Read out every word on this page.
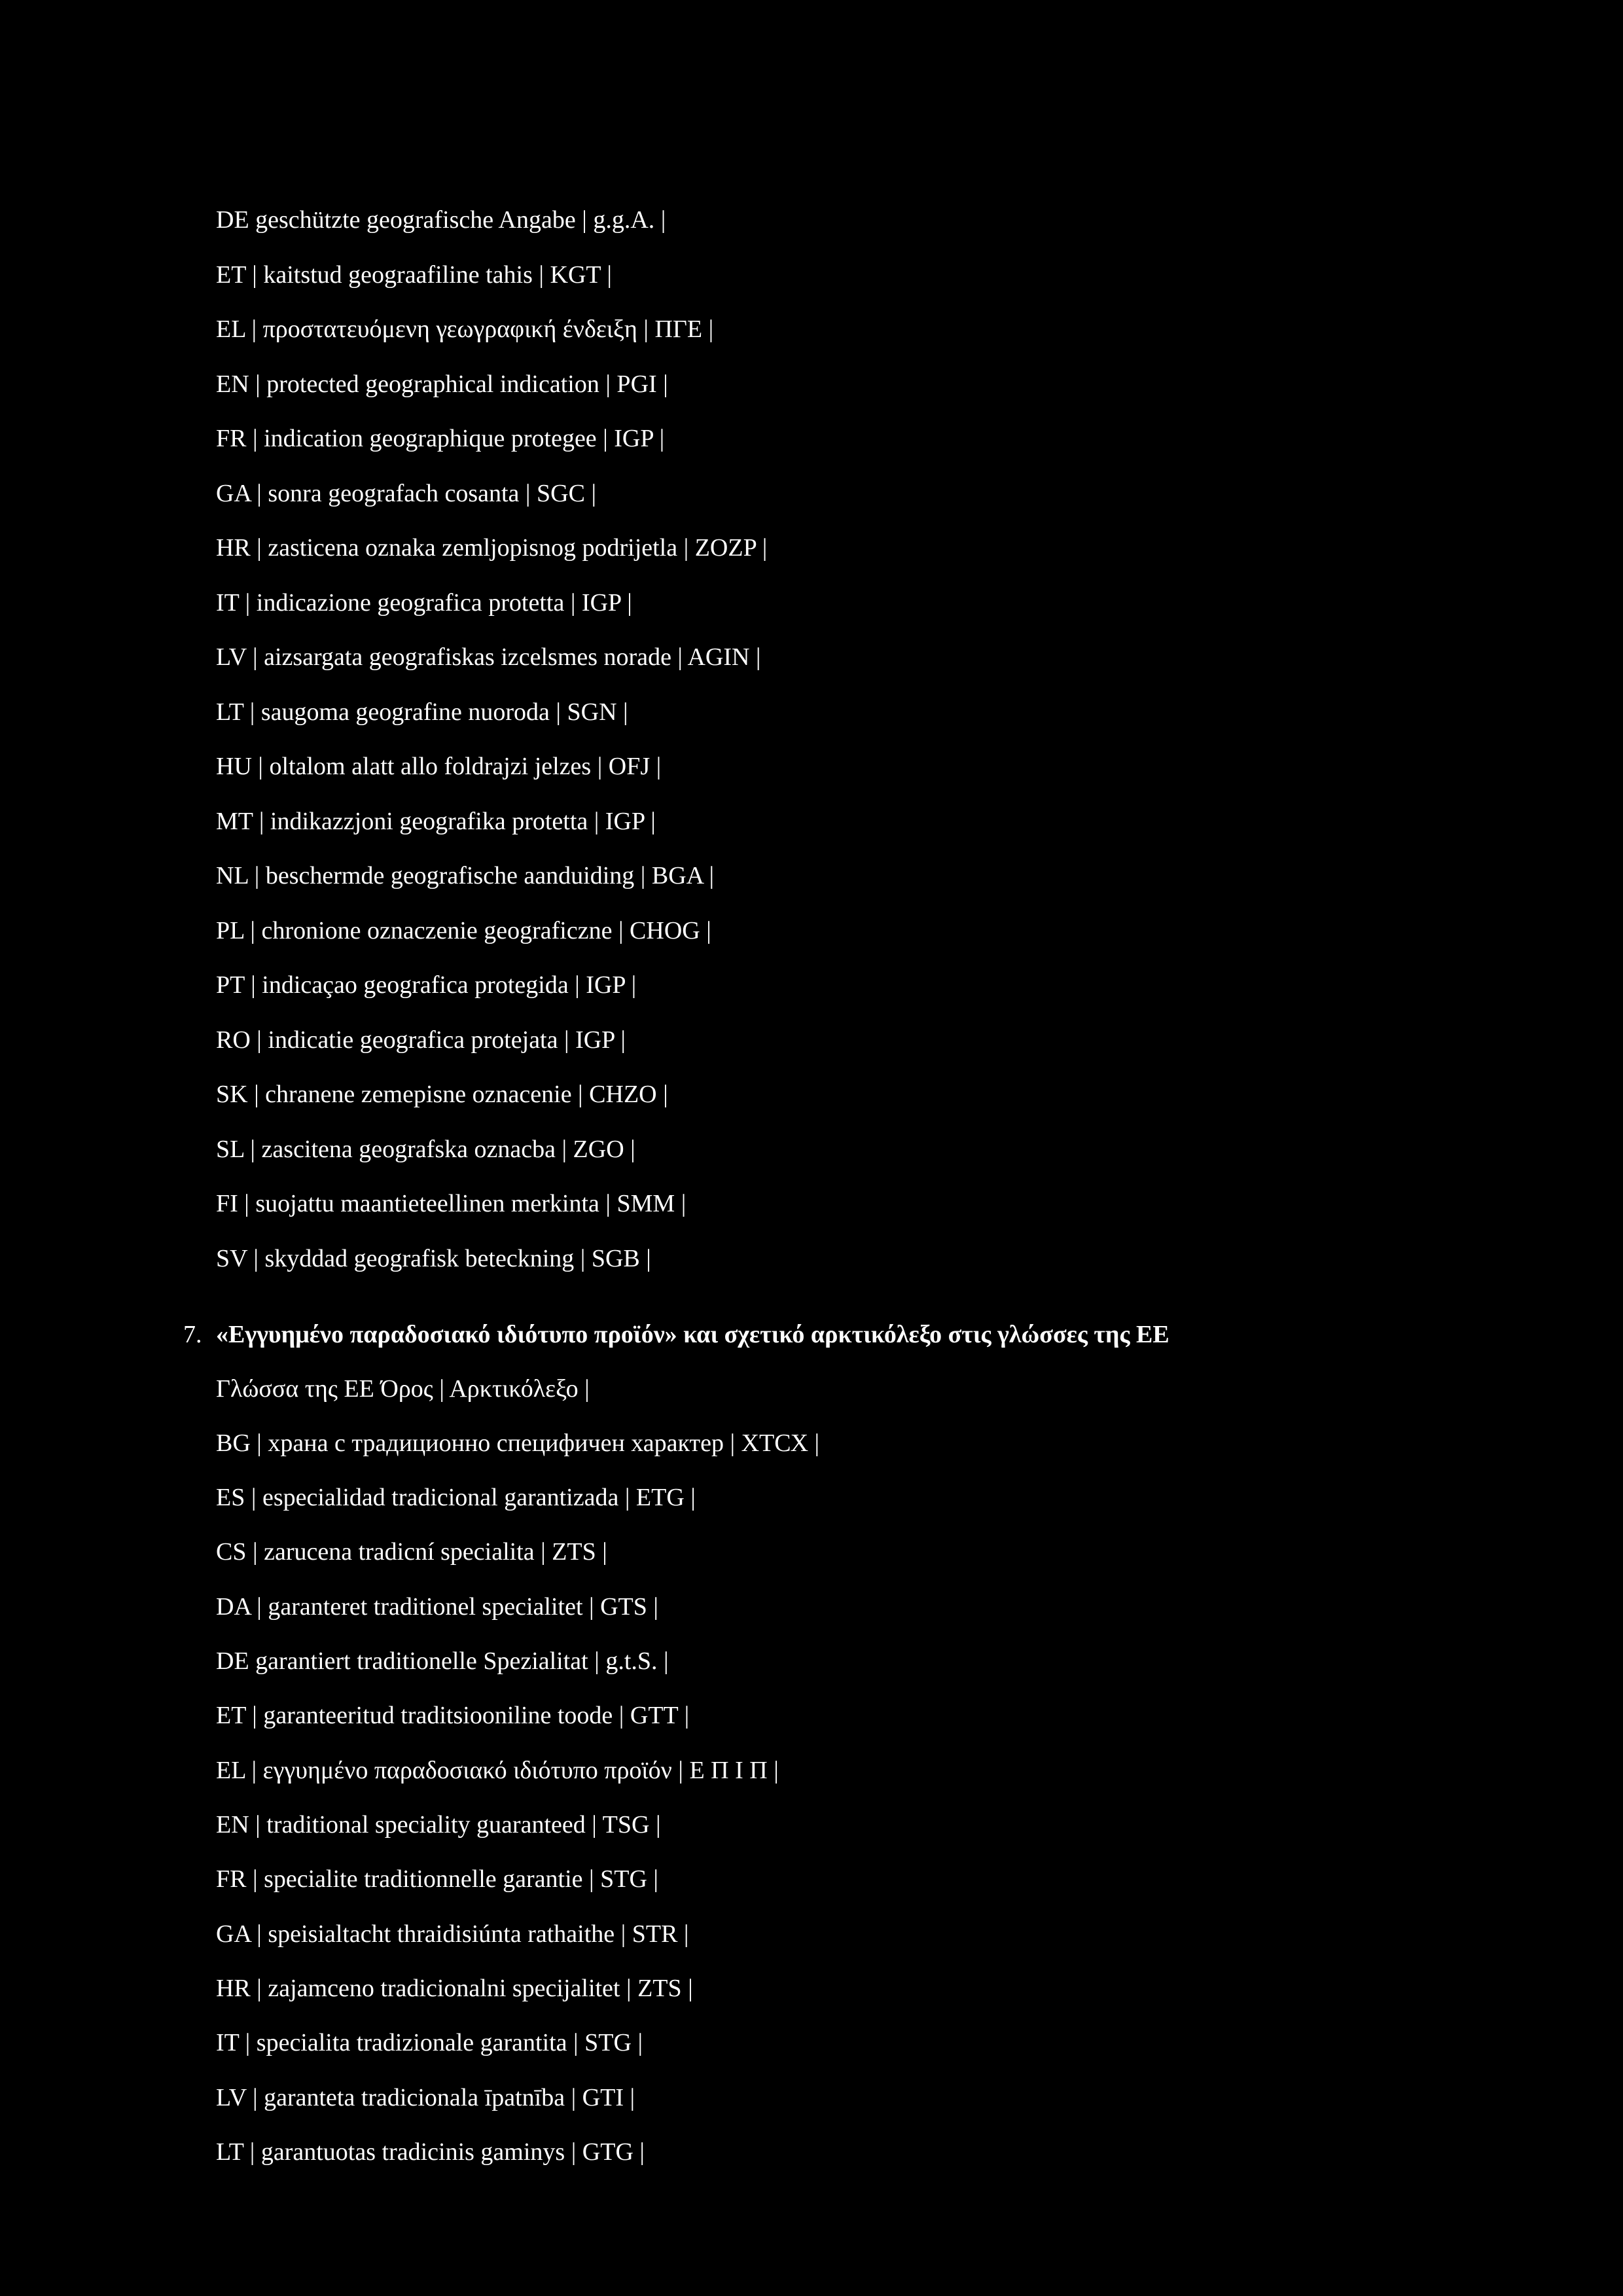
DE geschützte geografische Angabe | g.g.A. |
ET | kaitstud geograafiline tahis | KGT |
EL | προστατευόμενη γεωγραφική ένδειξη | ΠΓΕ |
EN | protected geographical indication | PGI |
FR | indication geographique protegee | IGP |
GA | sonra geografach cosanta | SGC |
HR | zasticena oznaka zemljopisnog podrijetla | ZOZP |
IT | indicazione geografica protetta | IGP |
LV | aizsargata geografiskas izcelsmes norade | AGIN |
LT | saugoma geografine nuoroda | SGN |
HU | oltalom alatt allo foldrajzi jelzes | OFJ |
MT | indikazzjoni geografika protetta | IGP |
NL | beschermde geografische aanduiding | BGA |
PL | chronione oznaczenie geograficzne | CHOG |
PT | indicaçao geografica protegida | IGP |
RO | indicatie geografica protejata | IGP |
SK | chranene zemepisne oznacenie | CHZO |
SL | zascitena geografska oznacba | ZGO |
FI | suojattu maantieteellinen merkinta | SMM |
SV | skyddad geografisk beteckning | SGB |
7. «Εγγυημένο παραδοσιακό ιδιότυπο προϊόν» και σχετικό αρκτικόλεξο στις γλώσσες της ΕΕ
Γλώσσα της ΕΕ Όρος | Αρκτικόλεξο |
BG | храна с традиционно специфичен характер | ХТСХ |
ES | especialidad tradicional garantizada | ETG |
CS | zarucena tradicní specialita | ZTS |
DA | garanteret traditionel specialitet | GTS |
DE garantiert traditionelle Spezialitat | g.t.S. |
ET | garanteeritud traditsiooniline toode | GTT |
EL | εγγυημένο παραδοσιακό ιδιότυπο προϊόν | Ε Π Ι Π |
EN | traditional speciality guaranteed | TSG |
FR | specialite traditionnelle garantie | STG |
GA | speisialtacht thraidisiúnta rathaithe | STR |
HR | zajamceno tradicionalni specijalitet | ZTS |
IT | specialita tradizionale garantita | STG |
LV | garanteta tradicionala īpatnība | GTI |
LT | garantuotas tradicinis gaminys | GTG |
